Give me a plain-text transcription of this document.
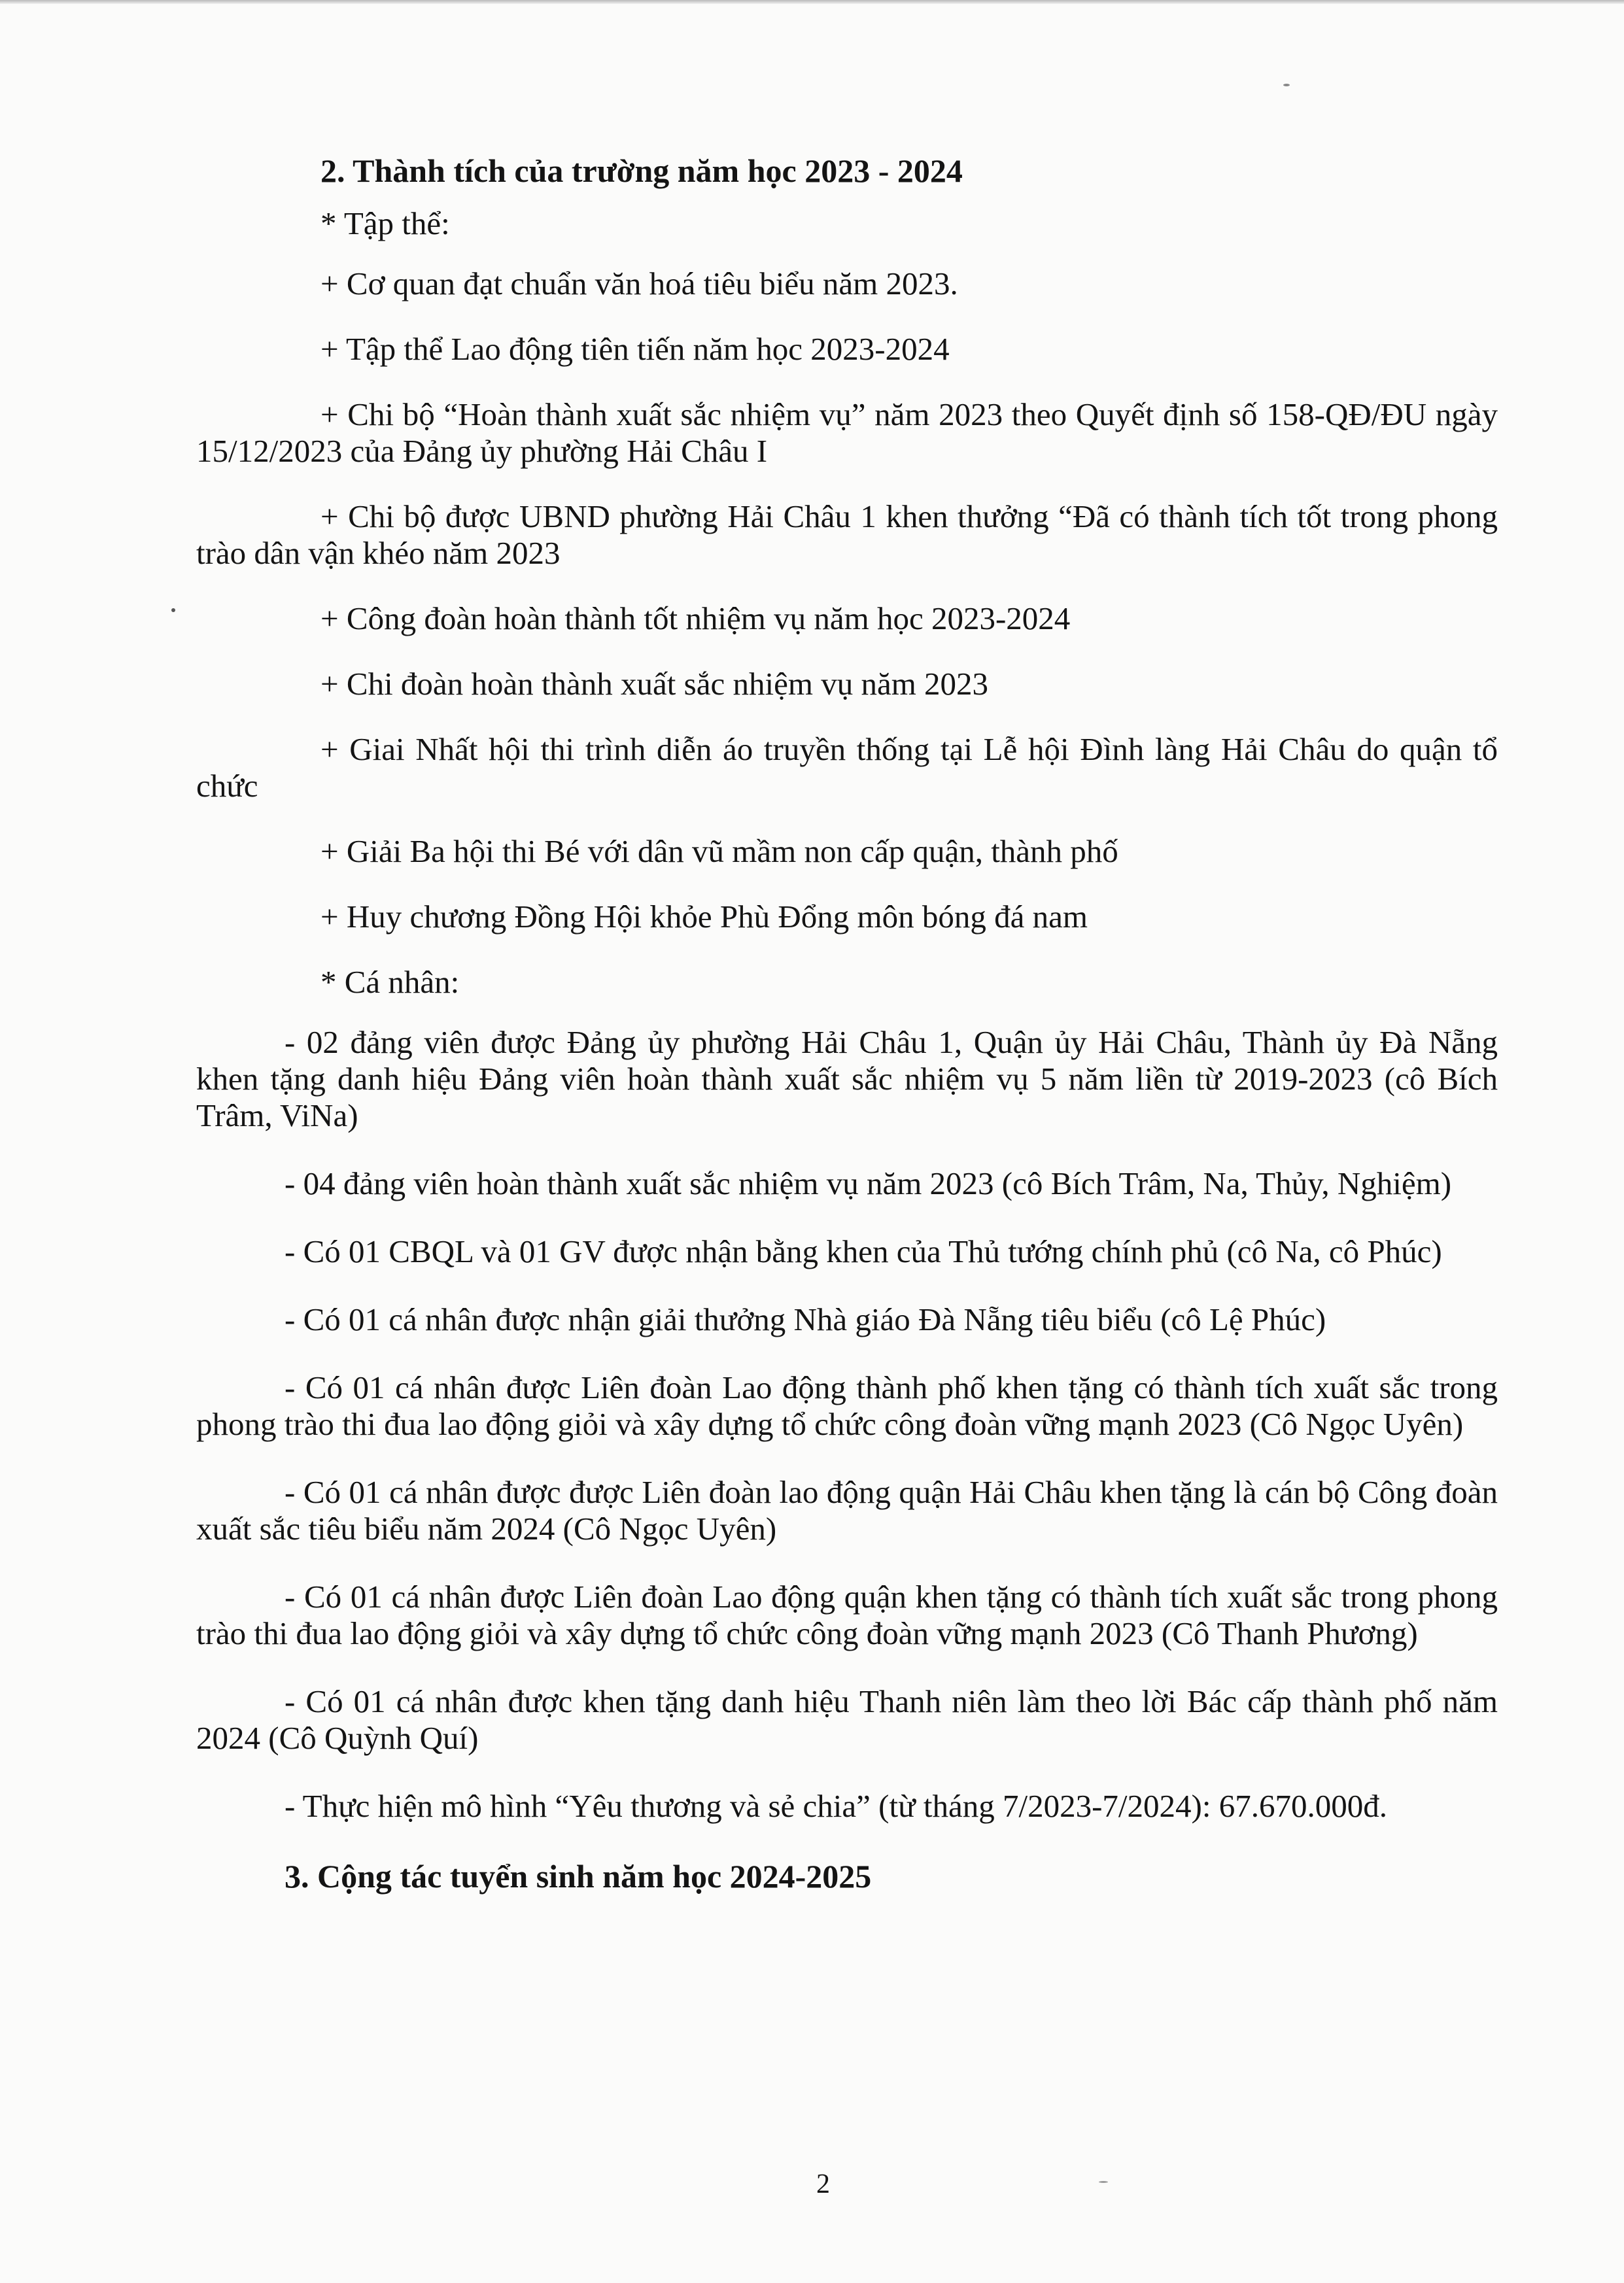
2. Thành tích của trường năm học 2023 - 2024
* Tập thể:
+ Cơ quan đạt chuẩn văn hoá tiêu biểu năm 2023.
+ Tập thể Lao động tiên tiến năm học 2023-2024
+ Chi bộ “Hoàn thành xuất sắc nhiệm vụ” năm 2023 theo Quyết định số 158-QĐ/ĐU ngày 15/12/2023 của Đảng ủy phường Hải Châu I
+ Chi bộ được UBND phường Hải Châu 1 khen thưởng “Đã có thành tích tốt trong phong trào dân vận khéo năm 2023
+ Công đoàn hoàn thành tốt nhiệm vụ năm học 2023-2024
+ Chi đoàn hoàn thành xuất sắc nhiệm vụ năm 2023
+ Giai Nhất hội thi trình diễn áo truyền thống tại Lễ hội Đình làng Hải Châu do quận tổ chức
+ Giải Ba hội thi Bé với dân vũ mầm non cấp quận, thành phố
+ Huy chương Đồng Hội khỏe Phù Đổng môn bóng đá nam
* Cá nhân:
- 02 đảng viên được Đảng ủy phường Hải Châu 1, Quận ủy Hải Châu, Thành ủy Đà Nẵng khen tặng danh hiệu Đảng viên hoàn thành xuất sắc nhiệm vụ 5 năm liền từ 2019-2023 (cô Bích Trâm, ViNa)
- 04 đảng viên hoàn thành xuất sắc nhiệm vụ năm 2023 (cô Bích Trâm, Na, Thủy, Nghiệm)
- Có 01 CBQL và 01 GV được nhận bằng khen của Thủ tướng chính phủ (cô Na, cô Phúc)
- Có 01 cá nhân được nhận giải thưởng Nhà giáo Đà Nẵng tiêu biểu (cô Lệ Phúc)
- Có 01 cá nhân được Liên đoàn Lao động thành phố khen tặng có thành tích xuất sắc trong phong trào thi đua lao động giỏi và xây dựng tổ chức công đoàn vững mạnh 2023 (Cô Ngọc Uyên)
- Có 01 cá nhân được được Liên đoàn lao động quận Hải Châu khen tặng là cán bộ Công đoàn xuất sắc tiêu biểu năm 2024 (Cô Ngọc Uyên)
- Có 01 cá nhân được Liên đoàn Lao động quận khen tặng có thành tích xuất sắc trong phong trào thi đua lao động giỏi và xây dựng tổ chức công đoàn vững mạnh 2023 (Cô Thanh Phương)
- Có 01 cá nhân được khen tặng danh hiệu Thanh niên làm theo lời Bác cấp thành phố năm 2024 (Cô Quỳnh Quí)
- Thực hiện mô hình “Yêu thương và sẻ chia” (từ tháng 7/2023-7/2024): 67.670.000đ.
3. Cộng tác tuyển sinh năm học 2024-2025
2
